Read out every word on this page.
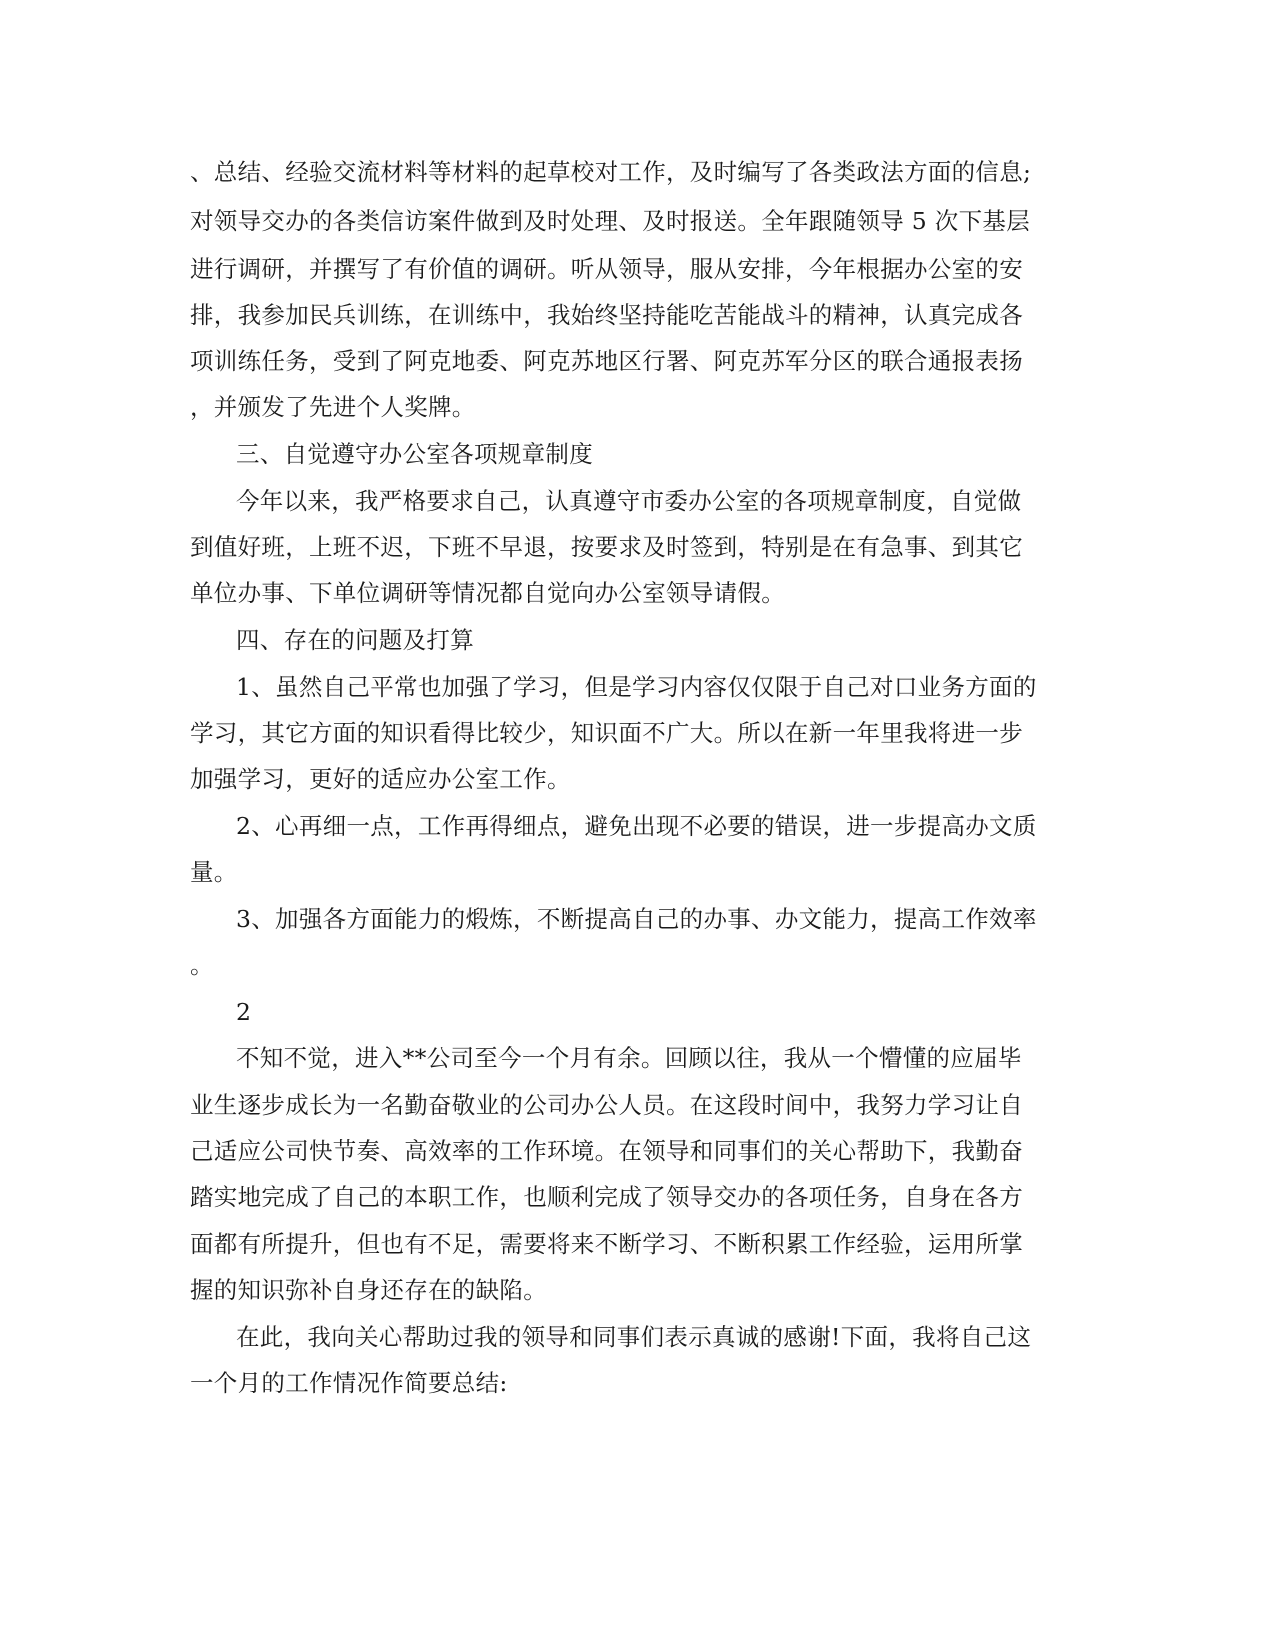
、总结、经验交流材料等材料的起草校对工作，及时编写了各类政法方面的信息;
对领导交办的各类信访案件做到及时处理、及时报送。全年跟随领导 5 次下基层
进行调研，并撰写了有价值的调研。听从领导，服从安排，今年根据办公室的安
排，我参加民兵训练，在训练中，我始终坚持能吃苦能战斗的精神，认真完成各
项训练任务，受到了阿克地委、阿克苏地区行署、阿克苏军分区的联合通报表扬
，并颁发了先进个人奖牌。
三、自觉遵守办公室各项规章制度
今年以来，我严格要求自己，认真遵守市委办公室的各项规章制度，自觉做
到值好班，上班不迟，下班不早退，按要求及时签到，特别是在有急事、到其它
单位办事、下单位调研等情况都自觉向办公室领导请假。
四、存在的问题及打算
1、虽然自己平常也加强了学习，但是学习内容仅仅限于自己对口业务方面的
学习，其它方面的知识看得比较少，知识面不广大。所以在新一年里我将进一步
加强学习，更好的适应办公室工作。
2、心再细一点，工作再得细点，避免出现不必要的错误，进一步提高办文质
量。
3、加强各方面能力的煅炼，不断提高自己的办事、办文能力，提高工作效率
。
2
不知不觉，进入**公司至今一个月有余。回顾以往，我从一个懵懂的应届毕
业生逐步成长为一名勤奋敬业的公司办公人员。在这段时间中，我努力学习让自
己适应公司快节奏、高效率的工作环境。在领导和同事们的关心帮助下，我勤奋
踏实地完成了自己的本职工作，也顺利完成了领导交办的各项任务，自身在各方
面都有所提升，但也有不足，需要将来不断学习、不断积累工作经验，运用所掌
握的知识弥补自身还存在的缺陷。
在此，我向关心帮助过我的领导和同事们表示真诚的感谢!下面，我将自己这
一个月的工作情况作简要总结:
